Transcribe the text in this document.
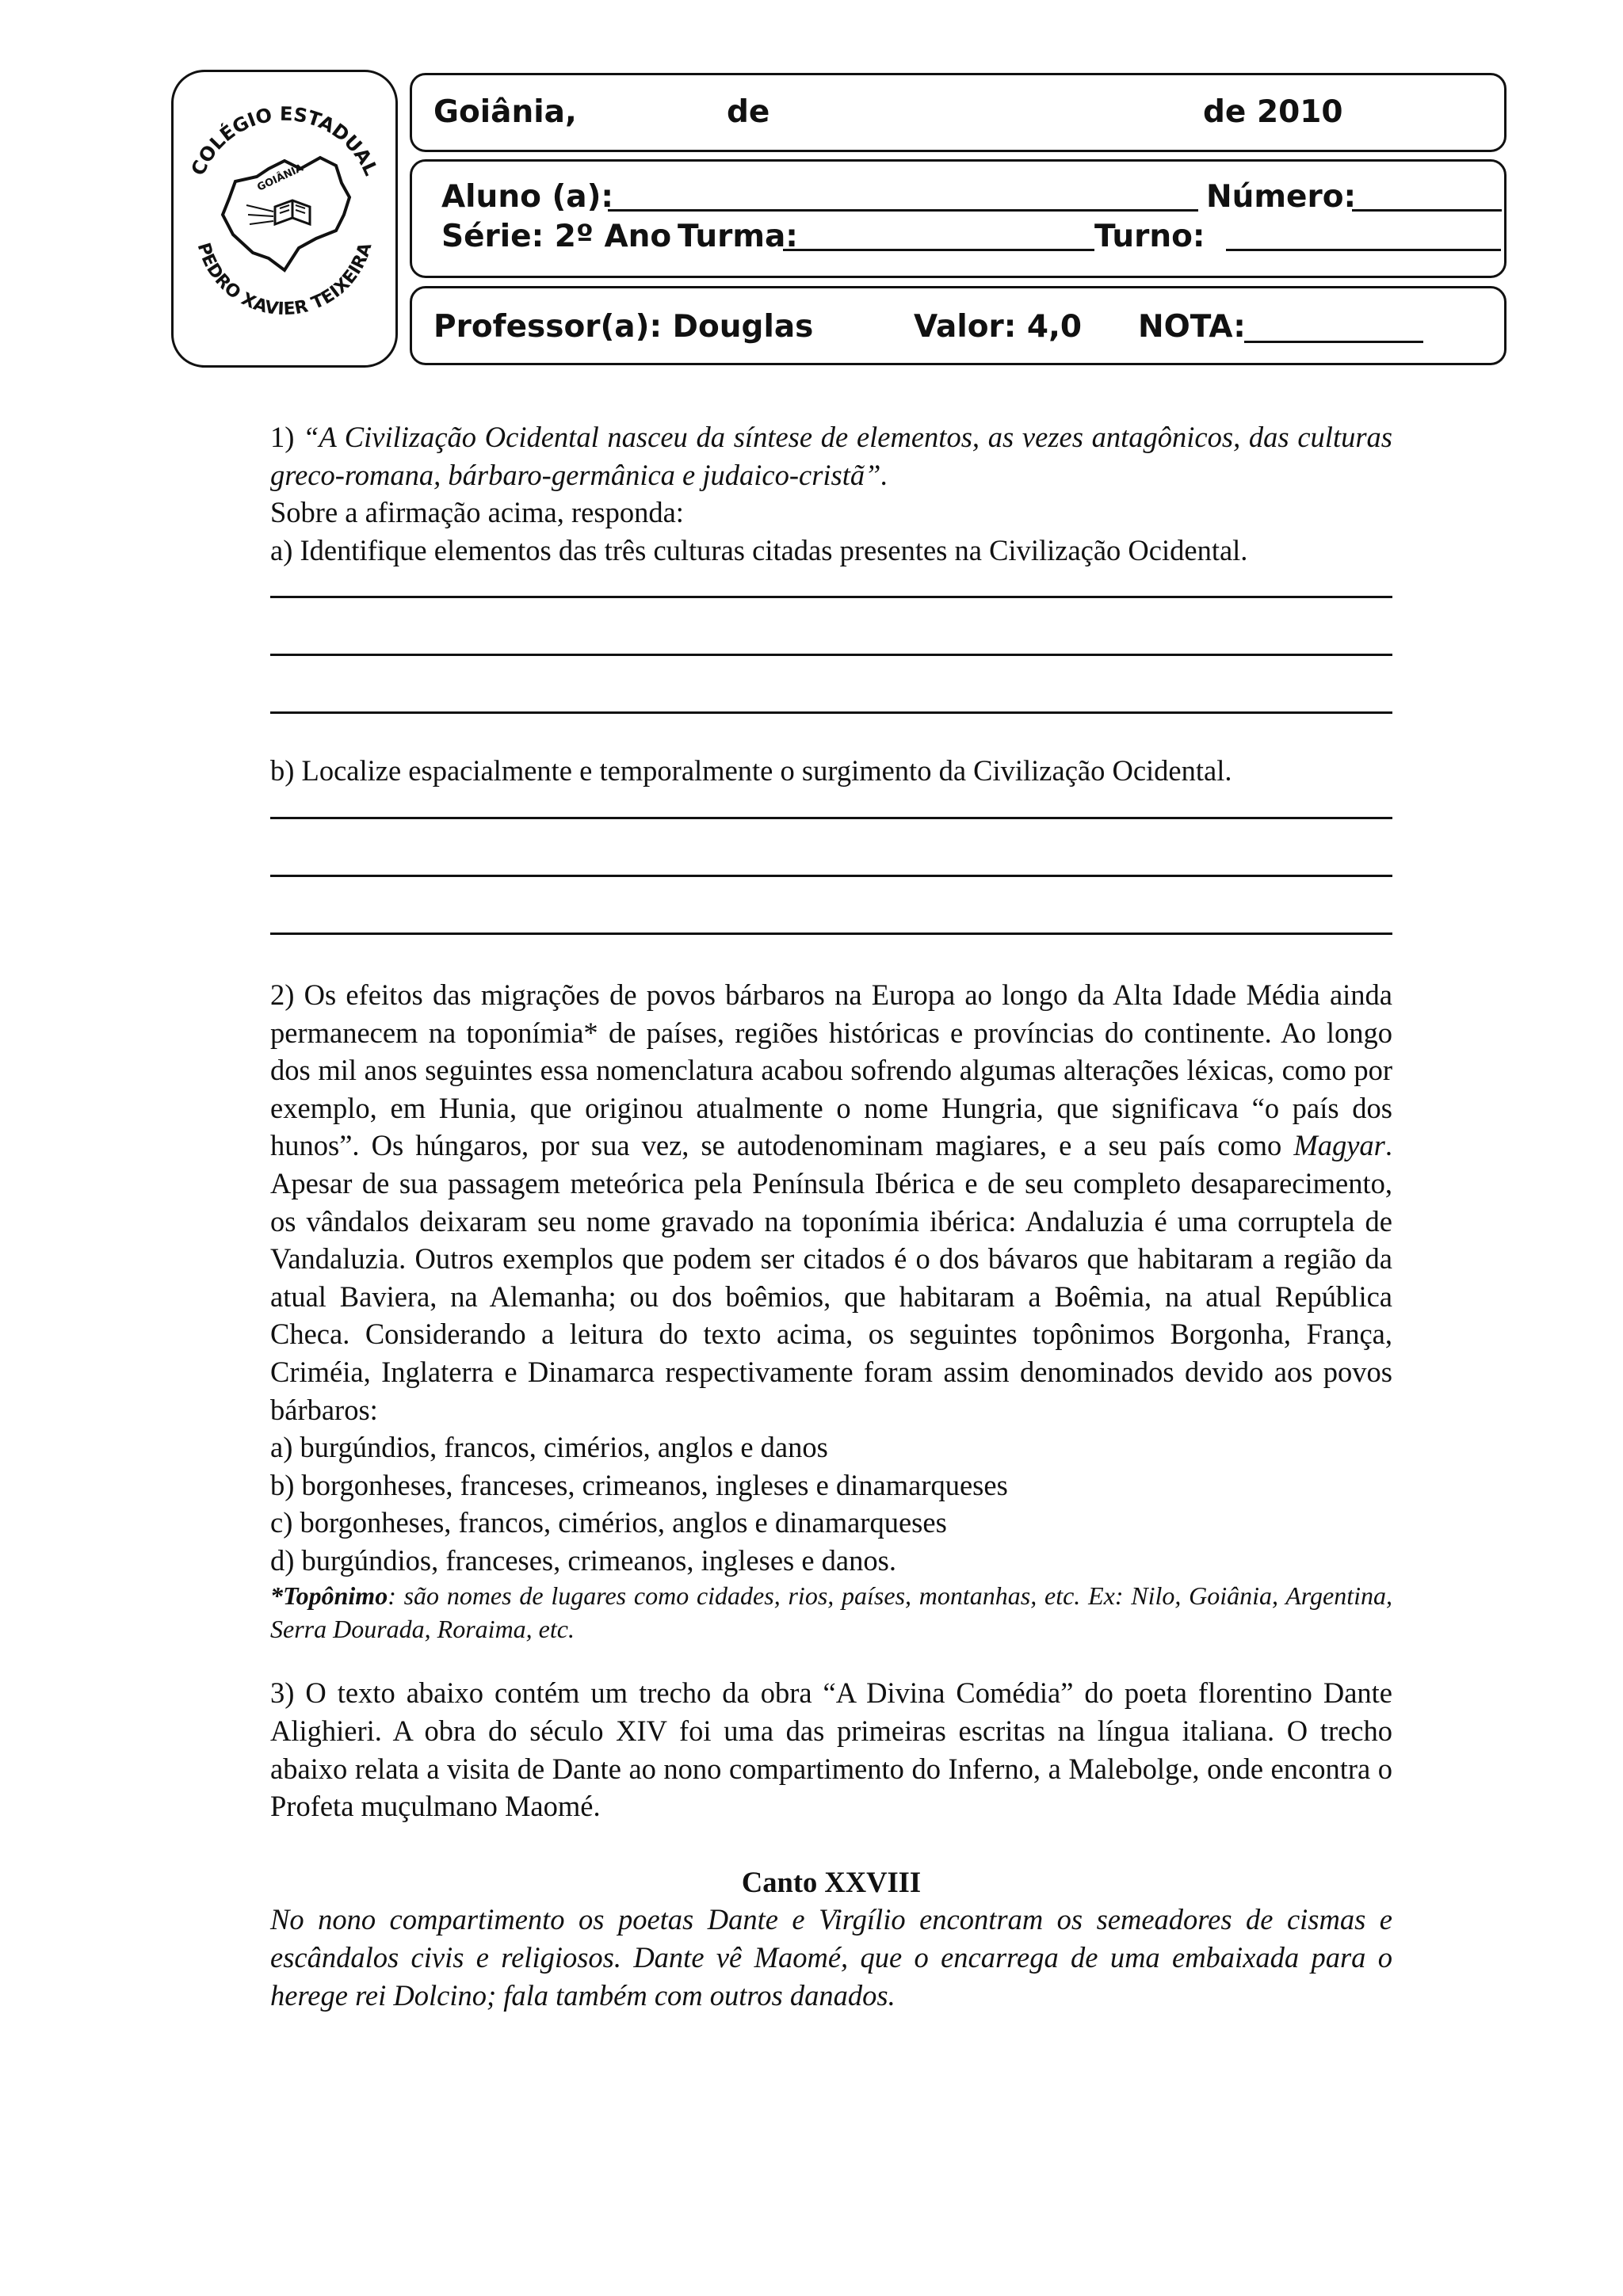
COLÉGIO ESTADUAL
PEDRO XAVIER TEIXEIRA
GOIÂNIA
Goiânia,	de	de 2010
Aluno (a):	Número:
Série: 2º Ano Turma:	Turno:
Professor(a): Douglas	Valor: 4,0 NOTA:

1) “A Civilização Ocidental nasceu da síntese de elementos, as vezes antagônicos, das culturas greco-romana, bárbaro-germânica e judaico-cristã”.

Sobre a afirmação acima, responda:

a) Identifique elementos das três culturas citadas presentes na Civilização Ocidental.

b) Localize espacialmente e temporalmente o surgimento da Civilização Ocidental.

2) Os efeitos das migrações de povos bárbaros na Europa ao longo da Alta Idade Média ainda permanecem na toponímia* de países, regiões históricas e províncias do continente. Ao longo dos mil anos seguintes essa nomenclatura acabou sofrendo algumas alterações léxicas, como por exemplo, em Hunia, que originou atualmente o nome Hungria, que significava “o país dos hunos”. Os húngaros, por sua vez, se autodenominam magiares, e a seu país como Magyar. Apesar de sua passagem meteórica pela Península Ibérica e de seu completo desaparecimento, os vândalos deixaram seu nome gravado na toponímia ibérica: Andaluzia é uma corruptela de Vandaluzia. Outros exemplos que podem ser citados é o dos bávaros que habitaram a região da atual Baviera, na Alemanha; ou dos boêmios, que habitaram a Boêmia, na atual República Checa. Considerando a leitura do texto acima, os seguintes topônimos Borgonha, França, Criméia, Inglaterra e Dinamarca respectivamente foram assim denominados devido aos povos bárbaros:

a) burgúndios, francos, cimérios, anglos e danos

b) borgonheses, franceses, crimeanos, ingleses e dinamarqueses

c) borgonheses, francos, cimérios, anglos e dinamarqueses

d) burgúndios, franceses, crimeanos, ingleses e danos.

*Topônimo: são nomes de lugares como cidades, rios, países, montanhas, etc. Ex: Nilo, Goiânia, Argentina, Serra Dourada, Roraima, etc.

3) O texto abaixo contém um trecho da obra “A Divina Comédia” do poeta florentino Dante Alighieri. A obra do século XIV foi uma das primeiras escritas na língua italiana. O trecho abaixo relata a visita de Dante ao nono compartimento do Inferno, a Malebolge, onde encontra o Profeta muçulmano Maomé.

Canto XXVIII

No nono compartimento os poetas Dante e Virgílio encontram os semeadores de cismas e escândalos civis e religiosos. Dante vê Maomé, que o encarrega de uma embaixada para o herege rei Dolcino; fala também com outros danados.
